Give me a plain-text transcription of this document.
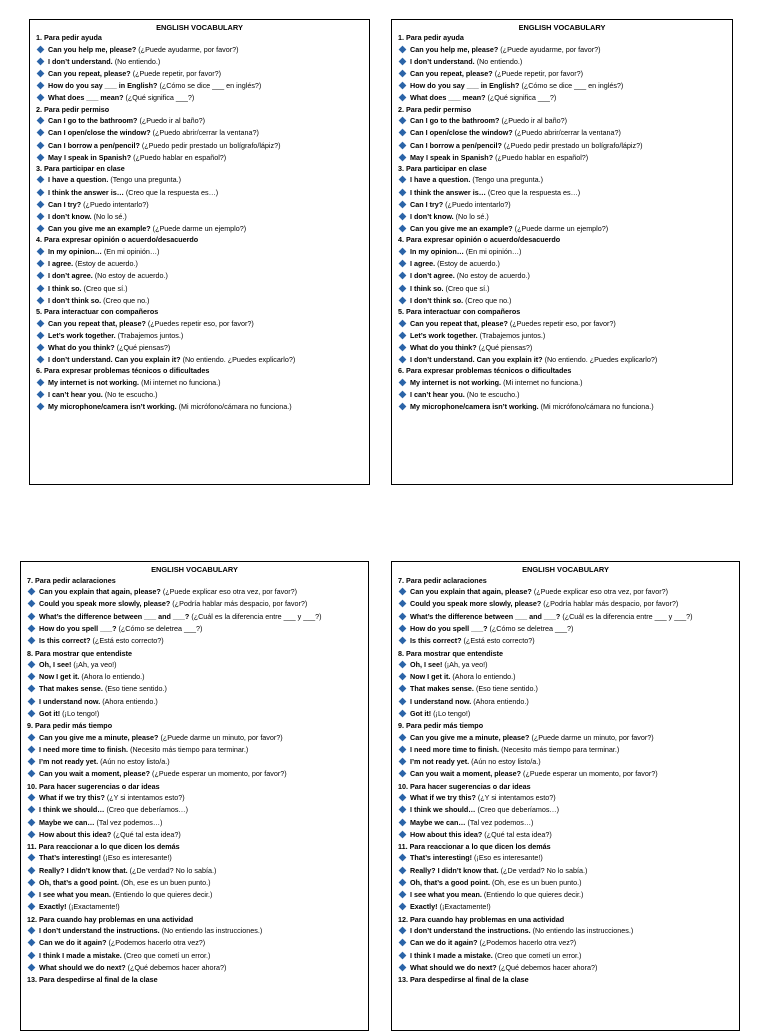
ENGLISH VOCABULARY
1. Para pedir ayuda
Can you help me, please? (¿Puede ayudarme, por favor?)
I don’t understand. (No entiendo.)
Can you repeat, please? (¿Puede repetir, por favor?)
How do you say ___ in English? (¿Cómo se dice ___ en inglés?)
What does ___ mean? (¿Qué significa ___?)
2. Para pedir permiso
Can I go to the bathroom? (¿Puedo ir al baño?)
Can I open/close the window? (¿Puedo abrir/cerrar la ventana?)
Can I borrow a pen/pencil? (¿Puedo pedir prestado un bolígrafo/lápiz?)
May I speak in Spanish? (¿Puedo hablar en español?)
3. Para participar en clase
I have a question. (Tengo una pregunta.)
I think the answer is… (Creo que la respuesta es…)
Can I try? (¿Puedo intentarlo?)
I don’t know. (No lo sé.)
Can you give me an example? (¿Puede darme un ejemplo?)
4. Para expresar opinión o acuerdo/desacuerdo
In my opinion… (En mi opinión…)
I agree. (Estoy de acuerdo.)
I don’t agree. (No estoy de acuerdo.)
I think so. (Creo que sí.)
I don’t think so. (Creo que no.)
5. Para interactuar con compañeros
Can you repeat that, please? (¿Puedes repetir eso, por favor?)
Let’s work together. (Trabajemos juntos.)
What do you think? (¿Qué piensas?)
I don’t understand. Can you explain it? (No entiendo. ¿Puedes explicarlo?)
6. Para expresar problemas técnicos o dificultades
My internet is not working. (Mi internet no funciona.)
I can’t hear you. (No te escucho.)
My microphone/camera isn’t working. (Mi micrófono/cámara no funciona.)
ENGLISH VOCABULARY
1. Para pedir ayuda
Can you help me, please? (¿Puede ayudarme, por favor?)
I don’t understand. (No entiendo.)
Can you repeat, please? (¿Puede repetir, por favor?)
How do you say ___ in English? (¿Cómo se dice ___ en inglés?)
What does ___ mean? (¿Qué significa ___?)
2. Para pedir permiso
Can I go to the bathroom? (¿Puedo ir al baño?)
Can I open/close the window? (¿Puedo abrir/cerrar la ventana?)
Can I borrow a pen/pencil? (¿Puedo pedir prestado un bolígrafo/lápiz?)
May I speak in Spanish? (¿Puedo hablar en español?)
3. Para participar en clase
I have a question. (Tengo una pregunta.)
I think the answer is… (Creo que la respuesta es…)
Can I try? (¿Puedo intentarlo?)
I don’t know. (No lo sé.)
Can you give me an example? (¿Puede darme un ejemplo?)
4. Para expresar opinión o acuerdo/desacuerdo
In my opinion… (En mi opinión…)
I agree. (Estoy de acuerdo.)
I don’t agree. (No estoy de acuerdo.)
I think so. (Creo que sí.)
I don’t think so. (Creo que no.)
5. Para interactuar con compañeros
Can you repeat that, please? (¿Puedes repetir eso, por favor?)
Let’s work together. (Trabajemos juntos.)
What do you think? (¿Qué piensas?)
I don’t understand. Can you explain it? (No entiendo. ¿Puedes explicarlo?)
6. Para expresar problemas técnicos o dificultades
My internet is not working. (Mi internet no funciona.)
I can’t hear you. (No te escucho.)
My microphone/camera isn’t working. (Mi micrófono/cámara no funciona.)
ENGLISH VOCABULARY
7. Para pedir aclaraciones
Can you explain that again, please? (¿Puede explicar eso otra vez, por favor?)
Could you speak more slowly, please? (¿Podría hablar más despacio, por favor?)
What’s the difference between ___ and ___? (¿Cuál es la diferencia entre ___ y ___?)
How do you spell ___? (¿Cómo se deletrea ___?)
Is this correct? (¿Está esto correcto?)
8. Para mostrar que entendiste
Oh, I see! (¡Ah, ya veo!)
Now I get it. (Ahora lo entiendo.)
That makes sense. (Eso tiene sentido.)
I understand now. (Ahora entiendo.)
Got it! (¡Lo tengo!)
9. Para pedir más tiempo
Can you give me a minute, please? (¿Puede darme un minuto, por favor?)
I need more time to finish. (Necesito más tiempo para terminar.)
I’m not ready yet. (Aún no estoy listo/a.)
Can you wait a moment, please? (¿Puede esperar un momento, por favor?)
10. Para hacer sugerencias o dar ideas
What if we try this? (¿Y si intentamos esto?)
I think we should… (Creo que deberíamos…)
Maybe we can… (Tal vez podemos…)
How about this idea? (¿Qué tal esta idea?)
11. Para reaccionar a lo que dicen los demás
That’s interesting! (¡Eso es interesante!)
Really? I didn’t know that. (¿De verdad? No lo sabía.)
Oh, that’s a good point. (Oh, ese es un buen punto.)
I see what you mean. (Entiendo lo que quieres decir.)
Exactly! (¡Exactamente!)
12. Para cuando hay problemas en una actividad
I don’t understand the instructions. (No entiendo las instrucciones.)
Can we do it again? (¿Podemos hacerlo otra vez?)
I think I made a mistake. (Creo que cometí un error.)
What should we do next? (¿Qué debemos hacer ahora?)
13. Para despedirse al final de la clase
ENGLISH VOCABULARY
7. Para pedir aclaraciones
Can you explain that again, please? (¿Puede explicar eso otra vez, por favor?)
Could you speak more slowly, please? (¿Podría hablar más despacio, por favor?)
What’s the difference between ___ and ___? (¿Cuál es la diferencia entre ___ y ___?)
How do you spell ___? (¿Cómo se deletrea ___?)
Is this correct? (¿Está esto correcto?)
8. Para mostrar que entendiste
Oh, I see! (¡Ah, ya veo!)
Now I get it. (Ahora lo entiendo.)
That makes sense. (Eso tiene sentido.)
I understand now. (Ahora entiendo.)
Got it! (¡Lo tengo!)
9. Para pedir más tiempo
Can you give me a minute, please? (¿Puede darme un minuto, por favor?)
I need more time to finish. (Necesito más tiempo para terminar.)
I’m not ready yet. (Aún no estoy listo/a.)
Can you wait a moment, please? (¿Puede esperar un momento, por favor?)
10. Para hacer sugerencias o dar ideas
What if we try this? (¿Y si intentamos esto?)
I think we should… (Creo que deberíamos…)
Maybe we can… (Tal vez podemos…)
How about this idea? (¿Qué tal esta idea?)
11. Para reaccionar a lo que dicen los demás
That’s interesting! (¡Eso es interesante!)
Really? I didn’t know that. (¿De verdad? No lo sabía.)
Oh, that’s a good point. (Oh, ese es un buen punto.)
I see what you mean. (Entiendo lo que quieres decir.)
Exactly! (¡Exactamente!)
12. Para cuando hay problemas en una actividad
I don’t understand the instructions. (No entiendo las instrucciones.)
Can we do it again? (¿Podemos hacerlo otra vez?)
I think I made a mistake. (Creo que cometí un error.)
What should we do next? (¿Qué debemos hacer ahora?)
13. Para despedirse al final de la clase
